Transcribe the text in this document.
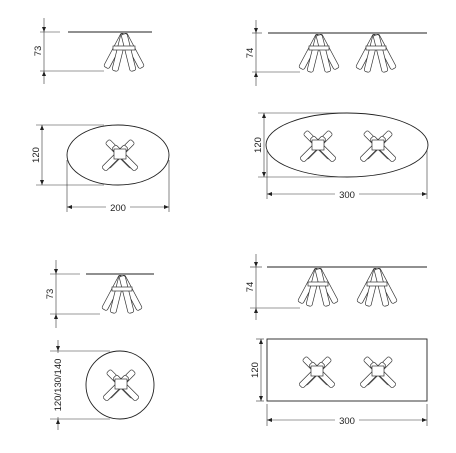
73
120
200
74
120
300
73
120/130/140
74
120
300
